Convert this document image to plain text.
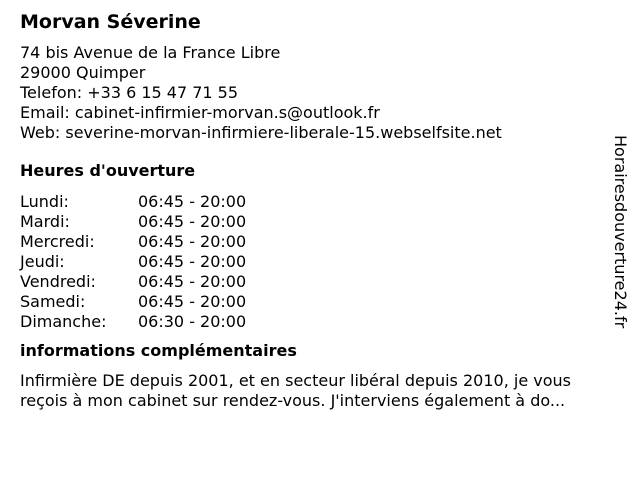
Morvan Séverine
74 bis Avenue de la France Libre
29000 Quimper
Telefon: +33 6 15 47 71 55
Email: cabinet-infirmier-morvan.s@outlook.fr
Web: severine-morvan-infirmiere-liberale-15.webselfsite.net
Heures d'ouverture
Lundi:	06:45 - 20:00
Mardi:	06:45 - 20:00
Mercredi:	06:45 - 20:00
Jeudi:	06:45 - 20:00
Vendredi:	06:45 - 20:00
Samedi:	06:45 - 20:00
Dimanche:	06:30 - 20:00
informations complémentaires
Infirmière DE depuis 2001, et en secteur libéral depuis 2010, je vous reçois à mon cabinet sur rendez-vous. J'interviens également à do...
Horairesdouverture24.fr
